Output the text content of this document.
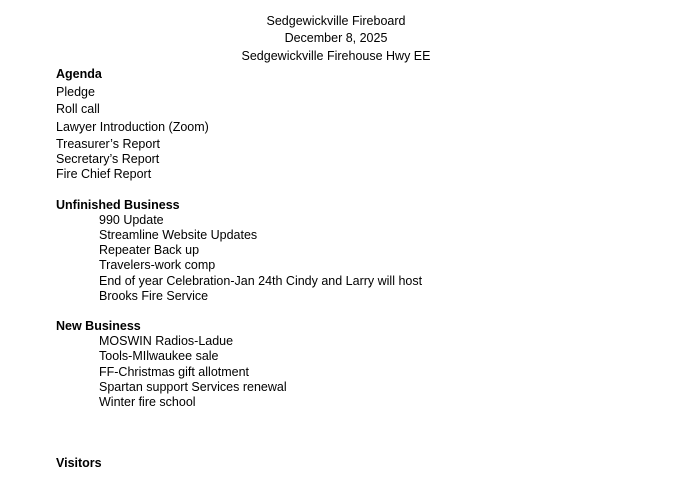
Sedgewickville Fireboard
December 8, 2025
Sedgewickville Firehouse Hwy EE
Agenda
Pledge
Roll call
Lawyer Introduction (Zoom)
Treasurer’s Report
Secretary’s Report
Fire Chief Report
Unfinished Business
990 Update
Streamline Website Updates
Repeater Back up
Travelers-work comp
End of year Celebration-Jan 24th Cindy and Larry will host
Brooks Fire Service
New Business
MOSWIN Radios-Ladue
Tools-MIlwaukee sale
FF-Christmas gift allotment
Spartan support Services renewal
Winter fire school
Visitors
